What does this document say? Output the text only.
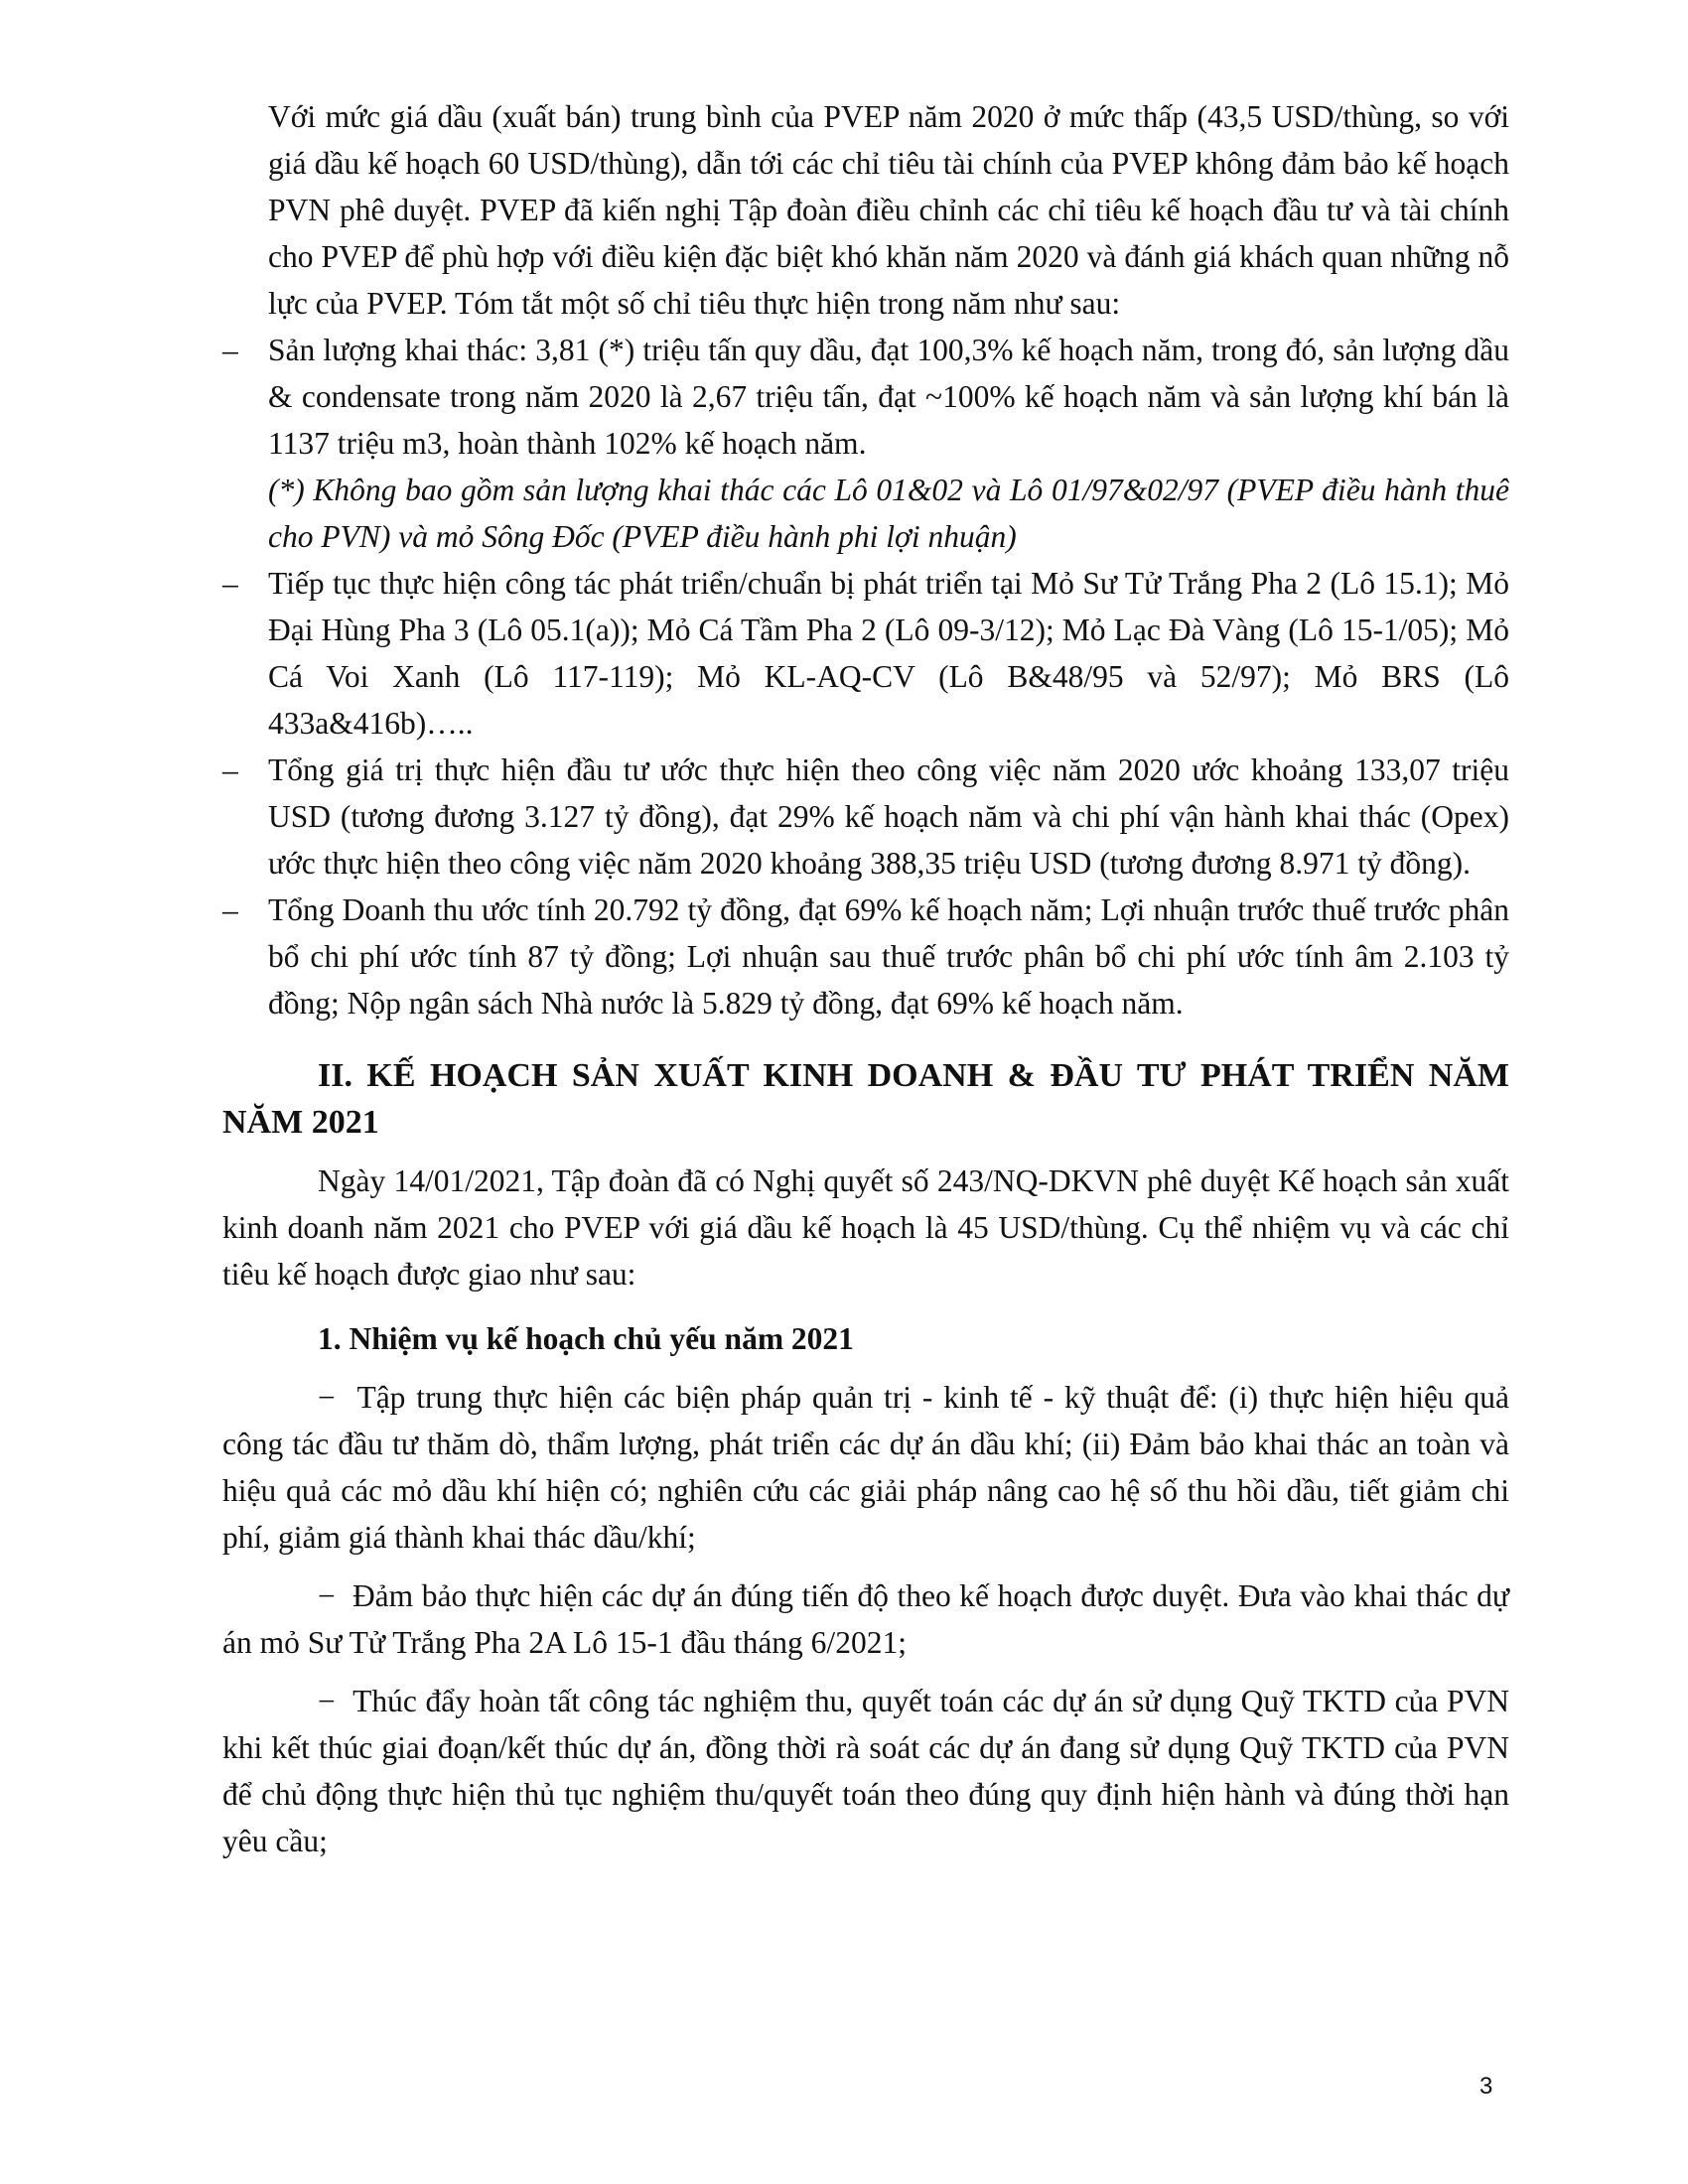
Với mức giá dầu (xuất bán) trung bình của PVEP năm 2020 ở mức thấp (43,5 USD/thùng, so với giá dầu kế hoạch 60 USD/thùng), dẫn tới các chỉ tiêu tài chính của PVEP không đảm bảo kế hoạch PVN phê duyệt. PVEP đã kiến nghị Tập đoàn điều chỉnh các chỉ tiêu kế hoạch đầu tư và tài chính cho PVEP để phù hợp với điều kiện đặc biệt khó khăn năm 2020 và đánh giá khách quan những nỗ lực của PVEP. Tóm tắt một số chỉ tiêu thực hiện trong năm như sau:

– Sản lượng khai thác: 3,81 (*) triệu tấn quy dầu, đạt 100,3% kế hoạch năm, trong đó, sản lượng dầu & condensate trong năm 2020 là 2,67 triệu tấn, đạt ~100% kế hoạch năm và sản lượng khí bán là 1137 triệu m3, hoàn thành 102% kế hoạch năm.

(*) Không bao gồm sản lượng khai thác các Lô 01&02 và Lô 01/97&02/97 (PVEP điều hành thuê cho PVN) và mỏ Sông Đốc (PVEP điều hành phi lợi nhuận)

– Tiếp tục thực hiện công tác phát triển/chuẩn bị phát triển tại Mỏ Sư Tử Trắng Pha 2 (Lô 15.1); Mỏ Đại Hùng Pha 3 (Lô 05.1(a)); Mỏ Cá Tầm Pha 2 (Lô 09-3/12); Mỏ Lạc Đà Vàng (Lô 15-1/05); Mỏ Cá Voi Xanh (Lô 117-119); Mỏ KL-AQ-CV (Lô B&48/95 và 52/97); Mỏ BRS (Lô 433a&416b)…..
– Tổng giá trị thực hiện đầu tư ước thực hiện theo công việc năm 2020 ước khoảng 133,07 triệu USD (tương đương 3.127 tỷ đồng), đạt 29% kế hoạch năm và chi phí vận hành khai thác (Opex) ước thực hiện theo công việc năm 2020 khoảng 388,35 triệu USD (tương đương 8.971 tỷ đồng).
– Tổng Doanh thu ước tính 20.792 tỷ đồng, đạt 69% kế hoạch năm; Lợi nhuận trước thuế trước phân bổ chi phí ước tính 87 tỷ đồng; Lợi nhuận sau thuế trước phân bổ chi phí ước tính âm 2.103 tỷ đồng; Nộp ngân sách Nhà nước là 5.829 tỷ đồng, đạt 69% kế hoạch năm.
II. KẾ HOẠCH SẢN XUẤT KINH DOANH & ĐẦU TƯ PHÁT TRIỂN NĂM NĂM 2021

Ngày 14/01/2021, Tập đoàn đã có Nghị quyết số 243/NQ-DKVN phê duyệt Kế hoạch sản xuất kinh doanh năm 2021 cho PVEP với giá dầu kế hoạch là 45 USD/thùng. Cụ thể nhiệm vụ và các chỉ tiêu kế hoạch được giao như sau:

1. Nhiệm vụ kế hoạch chủ yếu năm 2021

− Tập trung thực hiện các biện pháp quản trị - kinh tế - kỹ thuật để: (i) thực hiện hiệu quả công tác đầu tư thăm dò, thẩm lượng, phát triển các dự án dầu khí; (ii) Đảm bảo khai thác an toàn và hiệu quả các mỏ dầu khí hiện có; nghiên cứu các giải pháp nâng cao hệ số thu hồi dầu, tiết giảm chi phí, giảm giá thành khai thác dầu/khí;

− Đảm bảo thực hiện các dự án đúng tiến độ theo kế hoạch được duyệt. Đưa vào khai thác dự án mỏ Sư Tử Trắng Pha 2A Lô 15-1 đầu tháng 6/2021;

− Thúc đẩy hoàn tất công tác nghiệm thu, quyết toán các dự án sử dụng Quỹ TKTD của PVN khi kết thúc giai đoạn/kết thúc dự án, đồng thời rà soát các dự án đang sử dụng Quỹ TKTD của PVN để chủ động thực hiện thủ tục nghiệm thu/quyết toán theo đúng quy định hiện hành và đúng thời hạn yêu cầu;

3
